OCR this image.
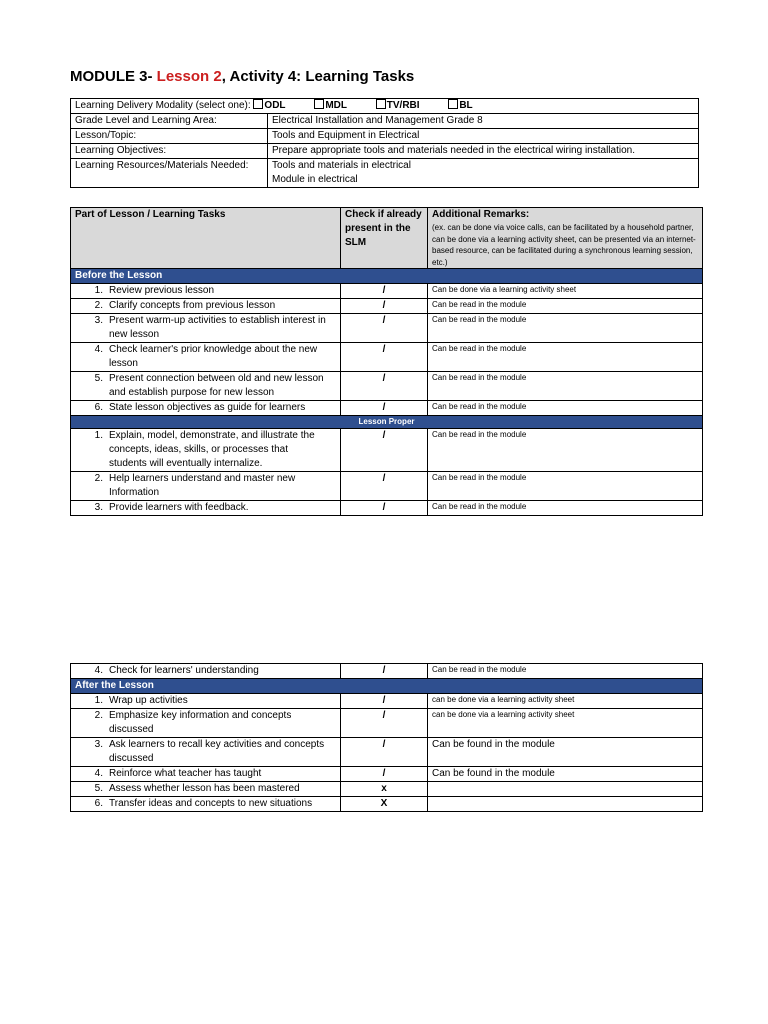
MODULE 3- Lesson 2, Activity 4: Learning Tasks
Learning Delivery Modality (select one): ODL MDL TV/RBI BL	
Grade Level and Learning Area:	Electrical Installation and Management Grade 8
Lesson/Topic:	Tools and Equipment in Electrical
Learning Objectives:	Prepare appropriate tools and materials needed in the electrical wiring installation.
Learning Resources/Materials Needed:	Tools and materials in electrical
Module in electrical
Part of Lesson / Learning Tasks	Check if already present in the SLM	Additional Remarks:
(ex. can be done via voice calls, can be facilitated by a household partner, can be done via a learning activity sheet, can be presented via an internet- based resource, can be facilitated during a synchronous learning session, etc.)

Before the Lesson		
1. Review previous lesson	/	Can be done via a learning activity sheet
2. Clarify concepts from previous lesson	/	Can be read in the module
3. Present warm-up activities to establish interest in new lesson	/	Can be read in the module
4. Check learner's prior knowledge about the new lesson	/	Can be read in the module
5. Present connection between old and new lesson and establish purpose for new lesson	/	Can be read in the module
6. State lesson objectives as guide for learners	/	Can be read in the module
Lesson Proper		
1. Explain, model, demonstrate, and illustrate the concepts, ideas, skills, or processes that students will eventually internalize.	/	Can be read in the module
2. Help learners understand and master new Information	/	Can be read in the module
3. Provide learners with feedback.	/	Can be read in the module
4. Check for learners' understanding	/	Can be read in the module
After the Lesson		
1. Wrap up activities	/	can be done via a learning activity sheet
2. Emphasize key information and concepts discussed	/	can be done via a learning activity sheet
3. Ask learners to recall key activities and concepts discussed	/	Can be found in the module
4. Reinforce what teacher has taught	/	Can be found in the module
5. Assess whether lesson has been mastered	x	
6. Transfer ideas and concepts to new situations	X	
